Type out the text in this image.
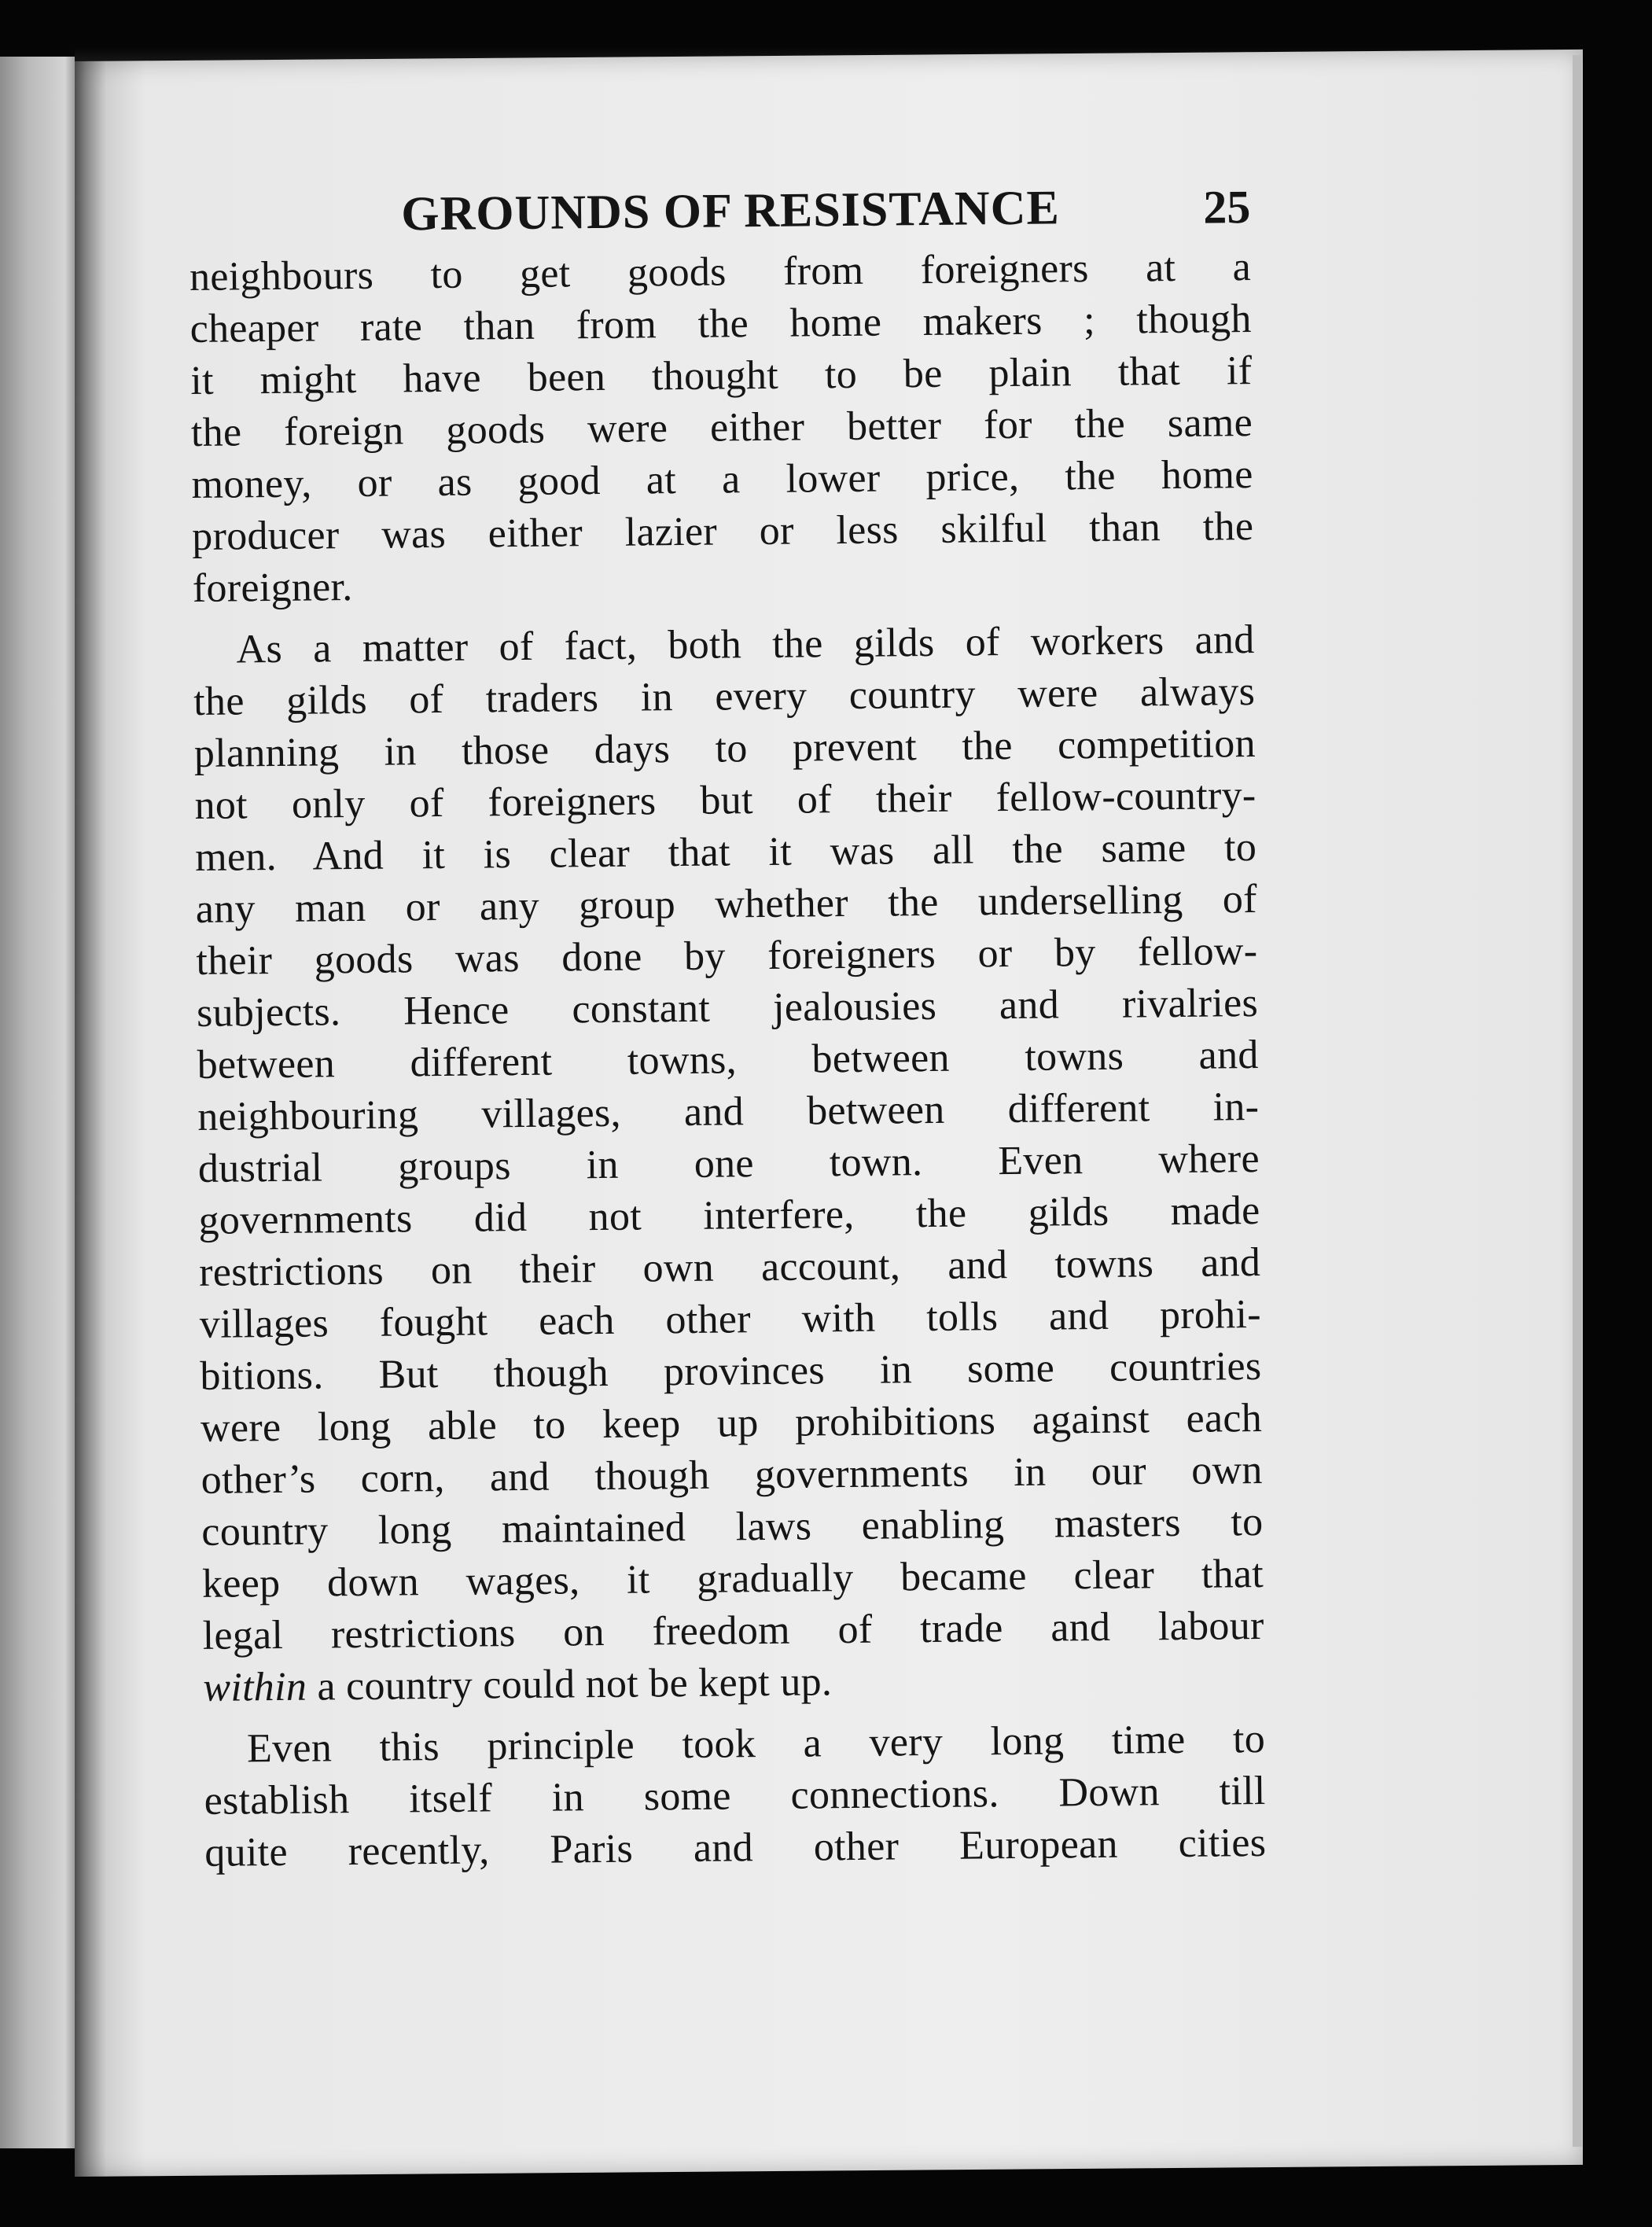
GROUNDS OF RESISTANCE	25
neighbours to get goods from foreigners at a
cheaper rate than from the home makers ; though
it might have been thought to be plain that if
the foreign goods were either better for the same
money, or as good at a lower price, the home
producer was either lazier or less skilful than the
foreigner.
As a matter of fact, both the gilds of workers and
the gilds of traders in every country were always
planning in those days to prevent the competition
not only of foreigners but of their fellow-country-
men. And it is clear that it was all the same to
any man or any group whether the underselling of
their goods was done by foreigners or by fellow-
subjects. Hence constant jealousies and rivalries
between different towns, between towns and
neighbouring villages, and between different in-
dustrial groups in one town. Even where
governments did not interfere, the gilds made
restrictions on their own account, and towns and
villages fought each other with tolls and prohi-
bitions. But though provinces in some countries
were long able to keep up prohibitions against each
other’s corn, and though governments in our own
country long maintained laws enabling masters to
keep down wages, it gradually became clear that
legal restrictions on freedom of trade and labour
within a country could not be kept up.
Even this principle took a very long time to
establish itself in some connections. Down till
quite recently, Paris and other European cities
